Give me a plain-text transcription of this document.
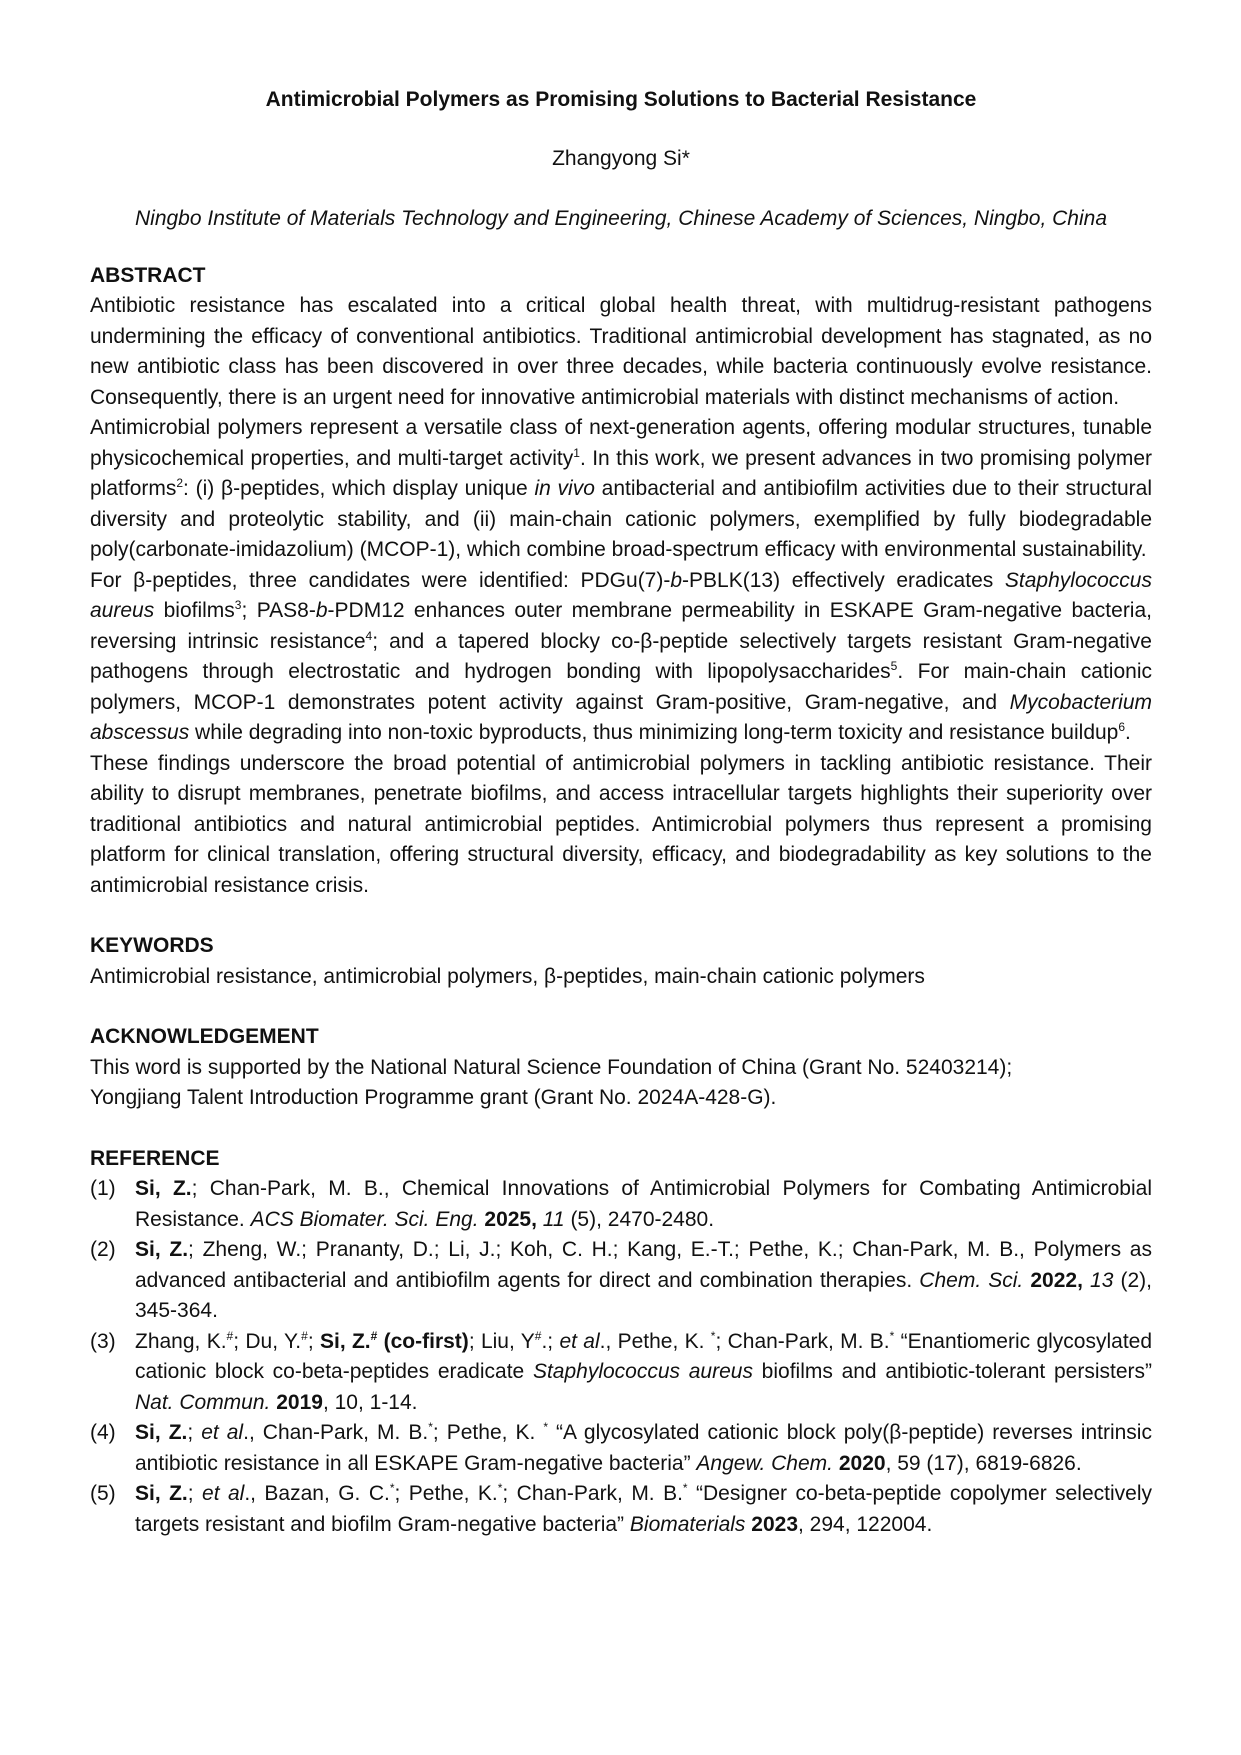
Antimicrobial Polymers as Promising Solutions to Bacterial Resistance
Zhangyong Si*
Ningbo Institute of Materials Technology and Engineering, Chinese Academy of Sciences, Ningbo, China
ABSTRACT

Antibiotic resistance has escalated into a critical global health threat, with multidrug-resistant pathogens undermining the efficacy of conventional antibiotics. Traditional antimicrobial development has stagnated, as no new antibiotic class has been discovered in over three decades, while bacteria continuously evolve resistance. Consequently, there is an urgent need for innovative antimicrobial materials with distinct mechanisms of action.

Antimicrobial polymers represent a versatile class of next-generation agents, offering modular structures, tunable physicochemical properties, and multi-target activity$^1$. In this work, we present advances in two promising polymer platforms$^2$: (i) β-peptides, which display unique in vivo antibacterial and antibiofilm activities due to their structural diversity and proteolytic stability, and (ii) main-chain cationic polymers, exemplified by fully biodegradable poly(carbonate-imidazolium) (MCOP-1), which combine broad-spectrum efficacy with environmental sustainability.

For β-peptides, three candidates were identified: PDGu(7)-b-PBLK(13) effectively eradicates Staphylococcus aureus biofilms$^3$; PAS8-b-PDM12 enhances outer membrane permeability in ESKAPE Gram-negative bacteria, reversing intrinsic resistance$^4$; and a tapered blocky co-β-peptide selectively targets resistant Gram-negative pathogens through electrostatic and hydrogen bonding with lipopolysaccharides$^5$. For main-chain cationic polymers, MCOP-1 demonstrates potent activity against Gram-positive, Gram-negative, and Mycobacterium abscessus while degrading into non-toxic byproducts, thus minimizing long-term toxicity and resistance buildup$^6$.

These findings underscore the broad potential of antimicrobial polymers in tackling antibiotic resistance. Their ability to disrupt membranes, penetrate biofilms, and access intracellular targets highlights their superiority over traditional antibiotics and natural antimicrobial peptides. Antimicrobial polymers thus represent a promising platform for clinical translation, offering structural diversity, efficacy, and biodegradability as key solutions to the antimicrobial resistance crisis.

KEYWORDS
Antimicrobial resistance, antimicrobial polymers, β-peptides, main-chain cationic polymers
ACKNOWLEDGEMENT
This word is supported by the National Natural Science Foundation of China (Grant No. 52403214);
Yongjiang Talent Introduction Programme grant (Grant No. 2024A-428-G).
REFERENCE
(1) Si, Z.; Chan-Park, M. B., Chemical Innovations of Antimicrobial Polymers for Combating Antimicrobial Resistance. ACS Biomater. Sci. Eng. 2025, 11 (5), 2470-2480.
(2) Si, Z.; Zheng, W.; Prananty, D.; Li, J.; Koh, C. H.; Kang, E.-T.; Pethe, K.; Chan-Park, M. B., Polymers as advanced antibacterial and antibiofilm agents for direct and combination therapies. Chem. Sci. 2022, 13 (2), 345-364.
(3) Zhang, K.#; Du, Y.#; Si, Z.# (co-first); Liu, Y#.; et al., Pethe, K. *; Chan-Park, M. B.* “Enantiomeric glycosylated cationic block co-beta-peptides eradicate Staphylococcus aureus biofilms and antibiotic-tolerant persisters” Nat. Commun. 2019, 10, 1-14.
(4) Si, Z.; et al., Chan-Park, M. B.*; Pethe, K. * “A glycosylated cationic block poly(β-peptide) reverses intrinsic antibiotic resistance in all ESKAPE Gram-negative bacteria” Angew. Chem. 2020, 59 (17), 6819-6826.
(5) Si, Z.; et al., Bazan, G. C.*; Pethe, K.*; Chan-Park, M. B.* “Designer co-beta-peptide copolymer selectively targets resistant and biofilm Gram-negative bacteria” Biomaterials 2023, 294, 122004.
